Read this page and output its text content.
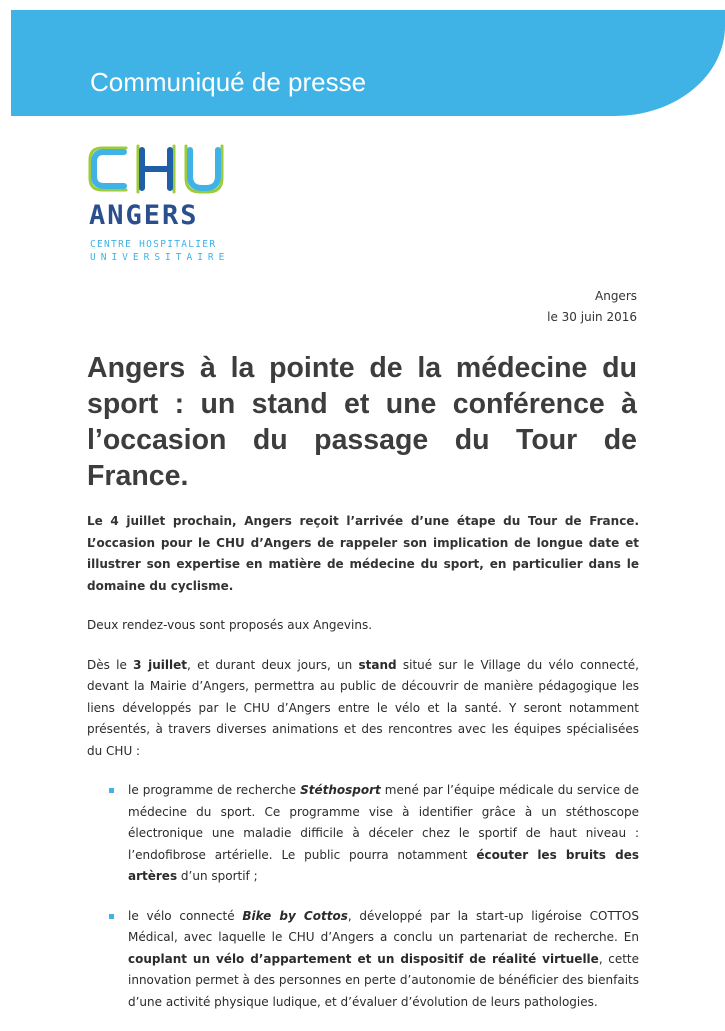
Communiqué de presse
ANGERS
CENTRE HOSPITALIER
UNIVERSITAIRE
Angers
le 30 juin 2016
Angers à la pointe de la médecine du sport : un stand et une conférence à l’occasion du passage du Tour de France.

Le 4 juillet prochain, Angers reçoit l’arrivée d’une étape du Tour de France. L’occasion pour le CHU d’Angers de rappeler son implication de longue date et illustrer son expertise en matière de médecine du sport, en particulier dans le domaine du cyclisme.

Deux rendez-vous sont proposés aux Angevins.

Dès le 3 juillet, et durant deux jours, un stand situé sur le Village du vélo connecté, devant la Mairie d’Angers, permettra au public de découvrir de manière pédagogique les liens développés par le CHU d’Angers entre le vélo et la santé. Y seront notamment présentés, à travers diverses animations et des rencontres avec les équipes spécialisées du CHU :

le programme de recherche Stéthosport mené par l’équipe médicale du service de médecine du sport. Ce programme vise à identifier grâce à un stéthoscope électronique une maladie difficile à déceler chez le sportif de haut niveau : l’endofibrose artérielle. Le public pourra notamment écouter les bruits des artères d’un sportif ;
le vélo connecté Bike by Cottos, développé par la start-up ligéroise COTTOS Médical, avec laquelle le CHU d’Angers a conclu un partenariat de recherche. En couplant un vélo d’appartement et un dispositif de réalité virtuelle, cette innovation permet à des personnes en perte d’autonomie de bénéficier des bienfaits d’une activité physique ludique, et d’évaluer d’évolution de leurs pathologies.
